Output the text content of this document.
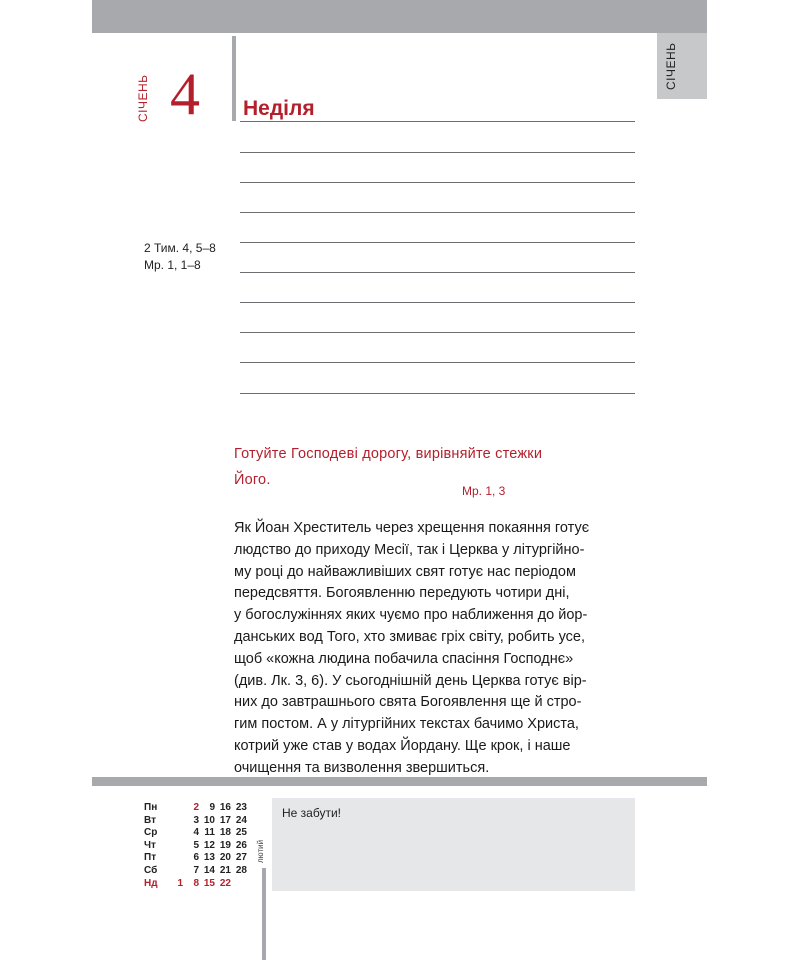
СІЧЕНЬ
СІЧЕНЬ 4 Неділя
2 Тим. 4, 5–8
Мр. 1, 1–8
Готуйте Господеві дорогу, вирівняйте стежки Його.
Мр. 1, 3
Як Йоан Хреститель через хрещення покаяння готує
людство до приходу Месії, так і Церква у літургійно-
му році до найважливіших свят готує нас періодом
передсвяття. Богоявленню передують чотири дні,
у богослужіннях яких чуємо про наближення до йор-
данських вод Того, хто змиває гріх світу, робить усе,
щоб «кожна людина побачила спасіння Господнє»
(див. Лк. 3, 6). У сьогоднішній день Церква готує вір-
них до завтрашнього свята Богоявлення ще й стро-
гим постом. А у літургійних текстах бачимо Христа,
котрий уже став у водах Йордану. Ще крок, і наше
очищення та визволення звершиться.
Пн		2	9	16	23
Вт		3	10	17	24
Ср		4	11	18	25
Чт		5	12	19	26
Пт		6	13	20	27
Сб		7	14	21	28
Нд	1	8	15	22	
лютий
Не забути!
